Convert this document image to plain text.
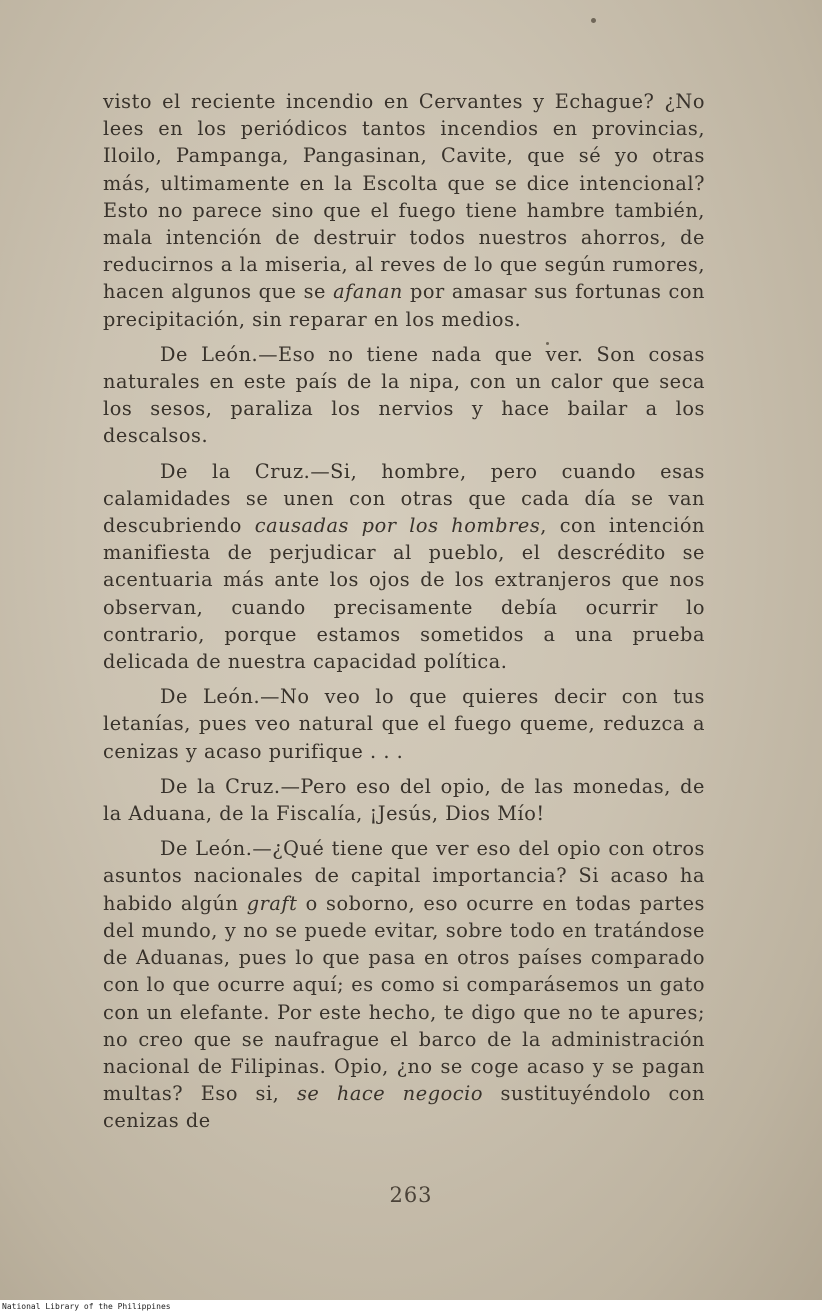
visto el reciente incendio en Cervantes y Echague? ¿No lees en los periódicos tantos incendios en provincias, Iloilo, Pampanga, Pangasinan, Cavite, que sé yo otras más, ultimamente en la Escolta que se dice intencional? Esto no parece sino que el fuego tiene hambre también, mala intención de destruir todos nuestros ahorros, de reducirnos a la miseria, al reves de lo que según rumores, hacen algunos que se afanan por amasar sus fortunas con precipitación, sin reparar en los medios.

De León.—Eso no tiene nada que ver. Son cosas naturales en este país de la nipa, con un calor que seca los sesos, paraliza los nervios y hace bailar a los descalsos.

De la Cruz.—Si, hombre, pero cuando esas calamidades se unen con otras que cada día se van descubriendo causadas por los hombres, con intención manifiesta de perjudicar al pueblo, el descrédito se acentuaria más ante los ojos de los extranjeros que nos observan, cuando precisamente debía ocurrir lo contrario, porque estamos sometidos a una prueba delicada de nuestra capacidad política.

De León.—No veo lo que quieres decir con tus letanías, pues veo natural que el fuego queme, reduzca a cenizas y acaso purifique . . .

De la Cruz.—Pero eso del opio, de las monedas, de la Aduana, de la Fiscalía, ¡Jesús, Dios Mío!

De León.—¿Qué tiene que ver eso del opio con otros asuntos nacionales de capital importancia? Si acaso ha habido algún graft o soborno, eso ocurre en todas partes del mundo, y no se puede evitar, sobre todo en tratándose de Aduanas, pues lo que pasa en otros países comparado con lo que ocurre aquí; es como si comparásemos un gato con un elefante. Por este hecho, te digo que no te apures; no creo que se naufrague el barco de la administración nacional de Filipinas. Opio, ¿no se coge acaso y se pagan multas? Eso si, se hace negocio sustituyéndolo con cenizas de

263
National Library of the Philippines
